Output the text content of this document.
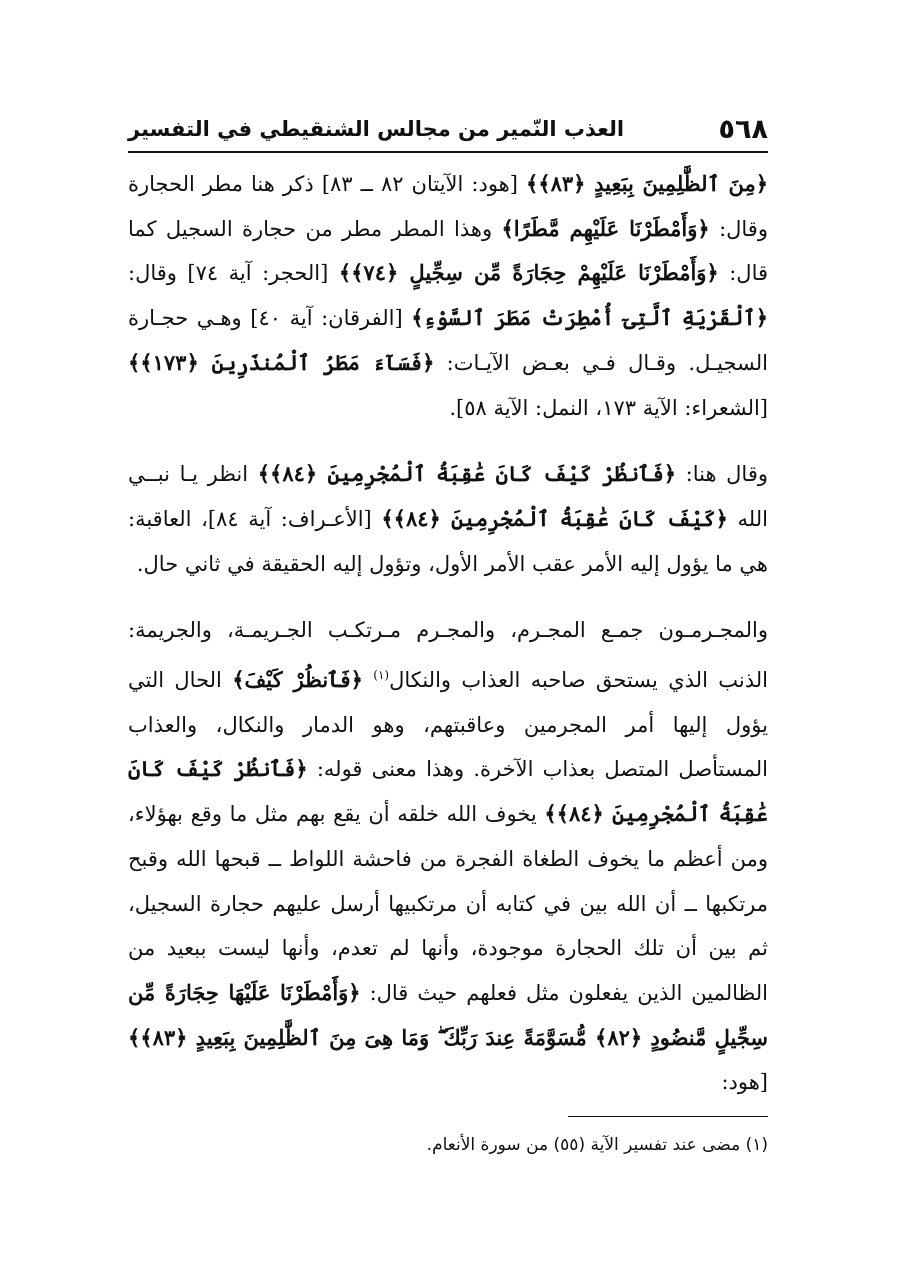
٥٦٨
العذب النّمير من مجالس الشنقيطي في التفسير

﴿مِنَ ٱلظَّٰلِمِينَ بِبَعِيدٍ ﴿٨٣﴾﴾ [هود: الآيتان ٨٢ ــ ٨٣] ذكر هنا مطر الحجارة وقال: ﴿وَأَمْطَرْنَا عَلَيْهِم مَّطَرًا﴾ وهذا المطر مطر من حجارة السجيل كما قال: ﴿وَأَمْطَرْنَا عَلَيْهِمْ حِجَارَةً مِّن سِجِّيلٍ ﴿٧٤﴾﴾ [الحجر: آية ٧٤] وقال: ﴿ٱلْقَرْيَةِ ٱلَّتِىٓ أُمْطِرَتْ مَطَرَ ٱلسَّوْءِ﴾ [الفرقان: آية ٤٠] وهـي حجـارة السجيـل. وقـال فـي بعـض الآيـات: ﴿فَسَآءَ مَطَرُ ٱلْمُنذَرِينَ ﴿١٧٣﴾﴾ [الشعراء: الآية ١٧٣، النمل: الآية ٥٨].

وقال هنا: ﴿فَٱنظُرْ كَيْفَ كَانَ عَٰقِبَةُ ٱلْمُجْرِمِينَ ﴿٨٤﴾﴾ انظر يـا نبــي الله ﴿كَيْفَ كَانَ عَٰقِبَةُ ٱلْمُجْرِمِينَ ﴿٨٤﴾﴾ [الأعـراف: آية ٨٤]، العاقبة: هي ما يؤول إليه الأمر عقب الأمر الأول، وتؤول إليه الحقيقة في ثاني حال.

والمجـرمـون جمـع المجـرم، والمجـرم مـرتكـب الجـريمـة، والجريمة: الذنب الذي يستحق صاحبه العذاب والنكال$^{(١)}$ ﴿فَٱنظُرْ كَيْفَ﴾ الحال التي يؤول إليها أمر المجرمين وعاقبتهم، وهو الدمار والنكال، والعذاب المستأصل المتصل بعذاب الآخرة. وهذا معنى قوله: ﴿فَٱنظُرْ كَيْفَ كَانَ عَٰقِبَةُ ٱلْمُجْرِمِينَ ﴿٨٤﴾﴾ يخوف الله خلقه أن يقع بهم مثل ما وقع بهؤلاء، ومن أعظم ما يخوف الطغاة الفجرة من فاحشة اللواط ــ قبحها الله وقبح مرتكبها ــ أن الله بين في كتابه أن مرتكبيها أرسل عليهم حجارة السجيل، ثم بين أن تلك الحجارة موجودة، وأنها لم تعدم، وأنها ليست ببعيد من الظالمين الذين يفعلون مثل فعلهم حيث قال: ﴿وَأَمْطَرْنَا عَلَيْهَا حِجَارَةً مِّن سِجِّيلٍ مَّنضُودٍ ﴿٨٢﴾ مُّسَوَّمَةً عِندَ رَبِّكَ ۖ وَمَا هِىَ مِنَ ٱلظَّٰلِمِينَ بِبَعِيدٍ ﴿٨٣﴾﴾ [هود:

(١) مضى عند تفسير الآية (٥٥) من سورة الأنعام.
